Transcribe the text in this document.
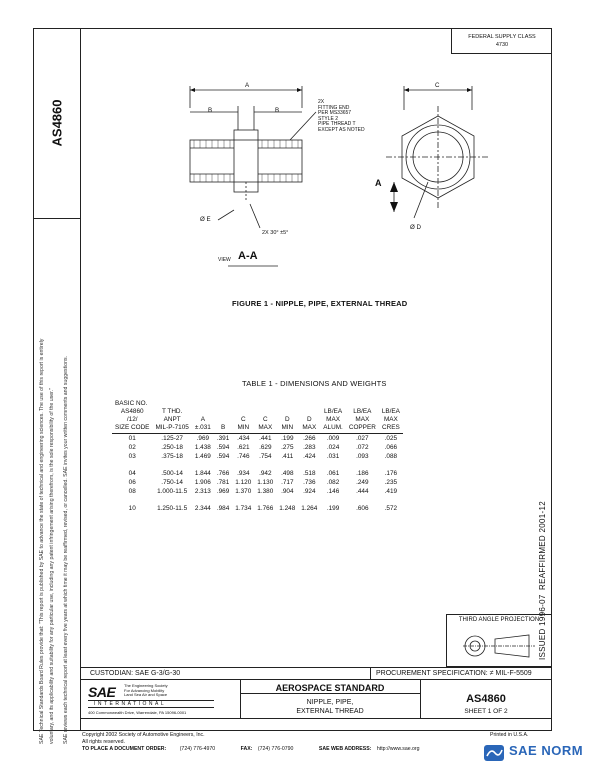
AS4860
SAE Technical Standards Board Rules provide that: "This report is published by SAE to advance the state of technical and engineering sciences. The use of this report is entirely voluntary, and its applicability and suitability for any particular use, including any patent infringement arising therefrom, is the sole responsibility of the user." SAE reviews each technical report at least every five years at which time it may be reaffirmed, revised, or cancelled. SAE invites your written comments and suggestions.
FEDERAL SUPPLY CLASS
4730
A
B	B
C
2X
FITTING END
PER MS33657
STYLE 2
PIPE THREAD T
EXCEPT AS NOTED
Ø E
2X 30° ±5°
Ø D
A
VIEW A-A
FIGURE 1 - NIPPLE, PIPE, EXTERNAL THREAD
TABLE 1 - DIMENSIONS AND WEIGHTS
BASIC NO.										
AS4860	T THD.							LB/EA	LB/EA	LB/EA
/12/	ANPT	A		C	C	D	D	MAX	MAX	MAX
SIZE CODE	MIL-P-7105	±.031	B	MIN	MAX	MIN	MAX	ALUM.	COPPER	CRES
01	.125-27	.969	.391	.434	.441	.199	.266	.009	.027	.025
02	.250-18	1.438	.594	.621	.629	.275	.283	.024	.072	.066
03	.375-18	1.469	.594	.746	.754	.411	.424	.031	.093	.088

04	.500-14	1.844	.766	.934	.942	.498	.518	.061	.186	.176
06	.750-14	1.906	.781	1.120	1.130	.717	.736	.082	.249	.235
08	1.000-11.5	2.313	.969	1.370	1.380	.904	.924	.146	.444	.419

10	1.250-11.5	2.344	.984	1.734	1.766	1.248	1.264	.199	.606	.572	REAFFIRMED 2001-12
ISSUED 1996-07
THIRD ANGLE PROJECTION
CUSTODIAN: SAE G-3/G-30	PROCUREMENT SPECIFICATION: ≠ MIL-F-5509
SAE The Engineering Society
For Advancing Mobility
Land Sea Air and Space
INTERNATIONAL
400 Commonwealth Drive, Warrendale, PA 15096-0001
AEROSPACE STANDARD
NIPPLE, PIPE,
EXTERNAL THREAD
AS4860
SHEET 1 OF 2
Printed in U.S.A.
Copyright 2002 Society of Automotive Engineers, Inc.
All rights reserved.
TO PLACE A DOCUMENT ORDER:	(724) 776-4970	FAX: (724) 776-0790	SAE WEB ADDRESS: http://www.sae.org	SAE NORM
